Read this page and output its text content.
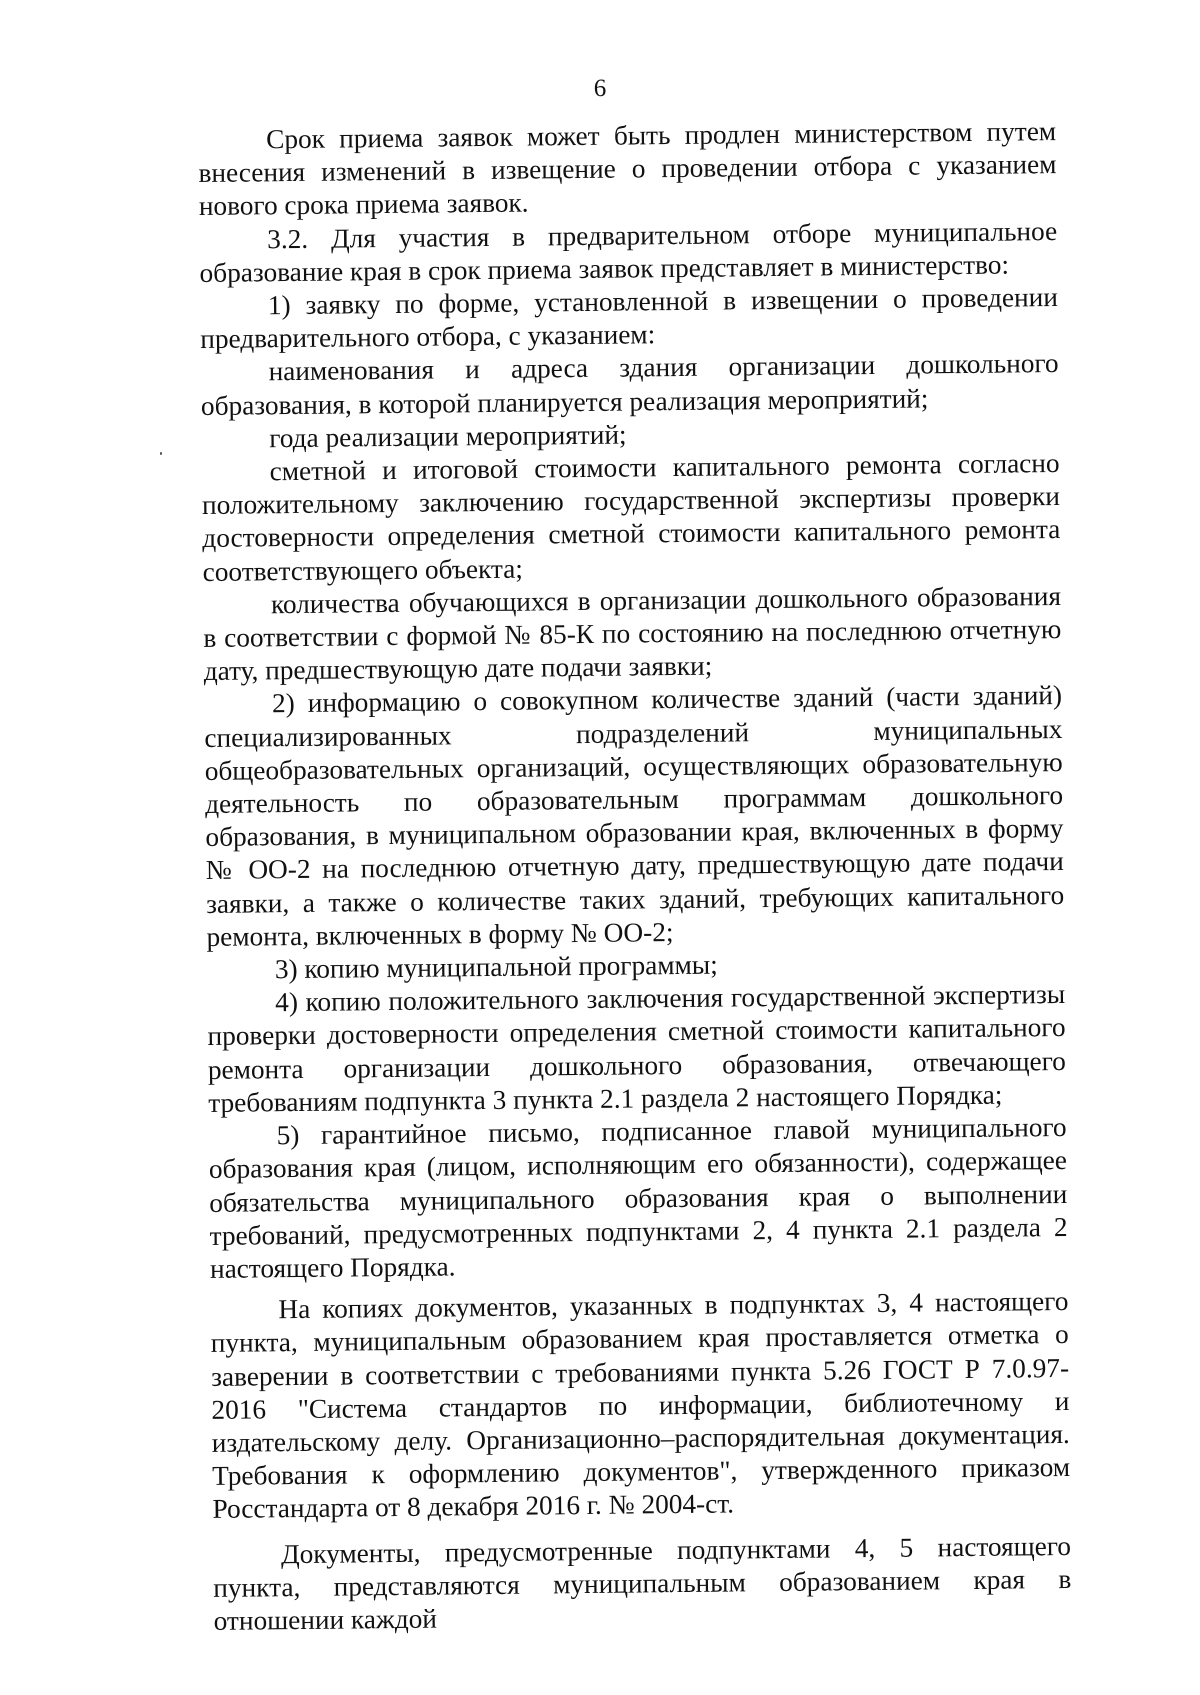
6

Срок приема заявок может быть продлен министерством путем внесения изменений в извещение о проведении отбора с указанием нового срока приема заявок.

3.2. Для участия в предварительном отборе муниципальное образование края в срок приема заявок представляет в министерство:

1) заявку по форме, установленной в извещении о проведении предварительного отбора, с указанием:

наименования и адреса здания организации дошкольного образования, в которой планируется реализация мероприятий;

года реализации мероприятий;

сметной и итоговой стоимости капитального ремонта согласно положительному заключению государственной экспертизы проверки достоверности определения сметной стоимости капитального ремонта соответствующего объекта;

количества обучающихся в организации дошкольного образования в соответствии с формой № 85-К по состоянию на последнюю отчетную дату, предшествующую дате подачи заявки;

2) информацию о совокупном количестве зданий (части зданий) специализированных подразделений муниципальных общеобразовательных организаций, осуществляющих образовательную деятельность по образовательным программам дошкольного образования, в муниципальном образовании края, включенных в форму № ОО-2 на последнюю отчетную дату, предшествующую дате подачи заявки, а также о количестве таких зданий, требующих капитального ремонта, включенных в форму № ОО-2;

3) копию муниципальной программы;

4) копию положительного заключения государственной экспертизы проверки достоверности определения сметной стоимости капитального ремонта организации дошкольного образования, отвечающего требованиям подпункта 3 пункта 2.1 раздела 2 настоящего Порядка;

5) гарантийное письмо, подписанное главой муниципального образования края (лицом, исполняющим его обязанности), содержащее обязательства муниципального образования края о выполнении требований, предусмотренных подпунктами 2, 4 пункта 2.1 раздела 2 настоящего Порядка.

На копиях документов, указанных в подпунктах 3, 4 настоящего пункта, муниципальным образованием края проставляется отметка о заверении в соответствии с требованиями пункта 5.26 ГОСТ Р 7.0.97-2016 "Система стандартов по информации, библиотечному и издательскому делу. Организационно–распорядительная документация. Требования к оформлению документов", утвержденного приказом Росстандарта от 8 декабря 2016 г. № 2004-ст.

Документы, предусмотренные подпунктами 4, 5 настоящего пункта, представляются муниципальным образованием края в отношении каждой
